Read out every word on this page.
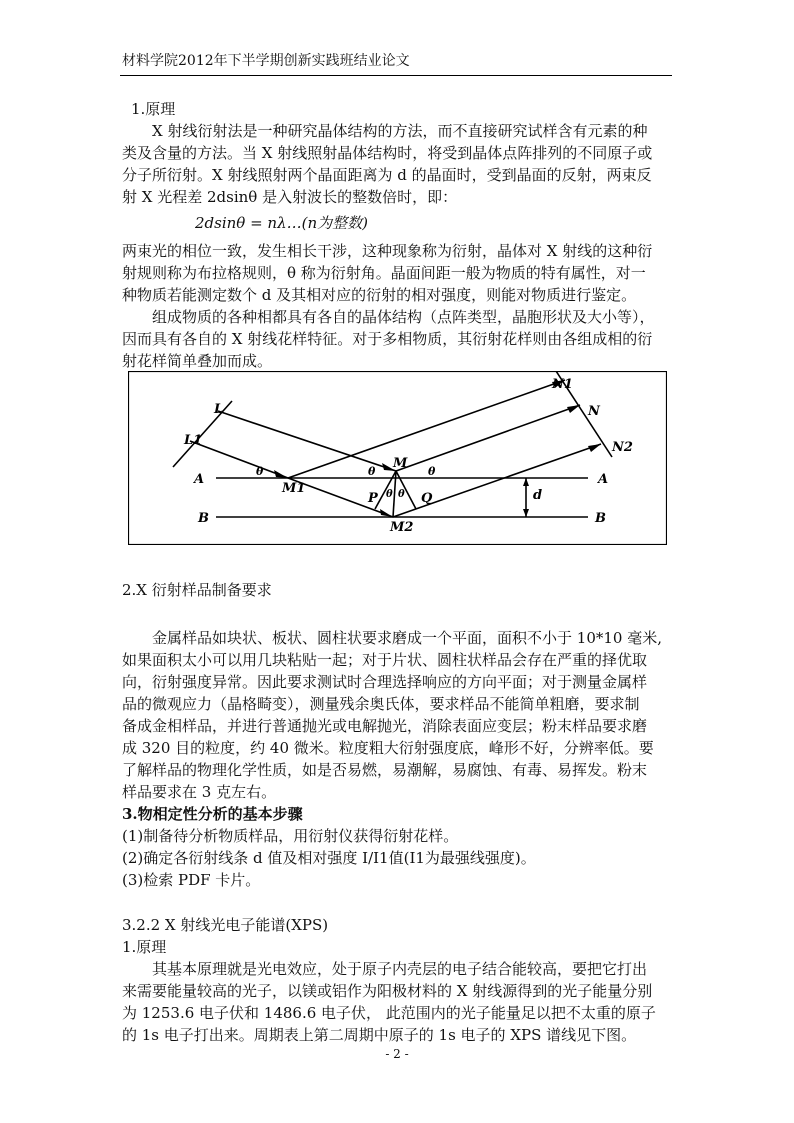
材料学院2012年下半学期创新实践班结业论文
1.原理
X 射线衍射法是一种研究晶体结构的方法，而不直接研究试样含有元素的种
类及含量的方法。当 X 射线照射晶体结构时，将受到晶体点阵排列的不同原子或
分子所衍射。X 射线照射两个晶面距离为 d 的晶面时，受到晶面的反射，两束反
射 X 光程差 2dsinθ 是入射波长的整数倍时，即：
2dsinθ = nλ…(n为整数)
两束光的相位一致，发生相长干涉，这种现象称为衍射，晶体对 X 射线的这种衍
射规则称为布拉格规则，θ 称为衍射角。晶面间距一般为物质的特有属性，对一
种物质若能测定数个 d 及其相对应的衍射的相对强度，则能对物质进行鉴定。
组成物质的各种相都具有各自的晶体结构（点阵类型，晶胞形状及大小等），
因而具有各自的 X 射线花样特征。对于多相物质，其衍射花样则由各组成相的衍
射花样简单叠加而成。
L
L1
N1
N
N2
A	A
B	B
M
M1
M2
P	Q	d
θ	θ	θ
θ θ
2.X 衍射样品制备要求
金属样品如块状、板状、圆柱状要求磨成一个平面，面积不小于 10*10 毫米,
如果面积太小可以用几块粘贴一起；对于片状、圆柱状样品会存在严重的择优取
向，衍射强度异常。因此要求测试时合理选择响应的方向平面；对于测量金属样
品的微观应力（晶格畸变），测量残余奥氏体，要求样品不能简单粗磨，要求制
备成金相样品，并进行普通抛光或电解抛光，消除表面应变层；粉末样品要求磨
成 320 目的粒度，约 40 微米。粒度粗大衍射强度底，峰形不好，分辨率低。要
了解样品的物理化学性质，如是否易燃，易潮解，易腐蚀、有毒、易挥发。粉末
样品要求在 3 克左右。
3.物相定性分析的基本步骤
(1)制备待分析物质样品，用衍射仪获得衍射花样。
(2)确定各衍射线条 d 值及相对强度 I/I1值(I1为最强线强度)。
(3)检索 PDF 卡片。
3.2.2 X 射线光电子能谱(XPS)
1.原理
其基本原理就是光电效应，处于原子内壳层的电子结合能较高，要把它打出
来需要能量较高的光子，以镁或铝作为阳极材料的 X 射线源得到的光子能量分别
为 1253.6 电子伏和 1486.6 电子伏， 此范围内的光子能量足以把不太重的原子
的 1s 电子打出来。周期表上第二周期中原子的 1s 电子的 XPS 谱线见下图。
- 2 -
